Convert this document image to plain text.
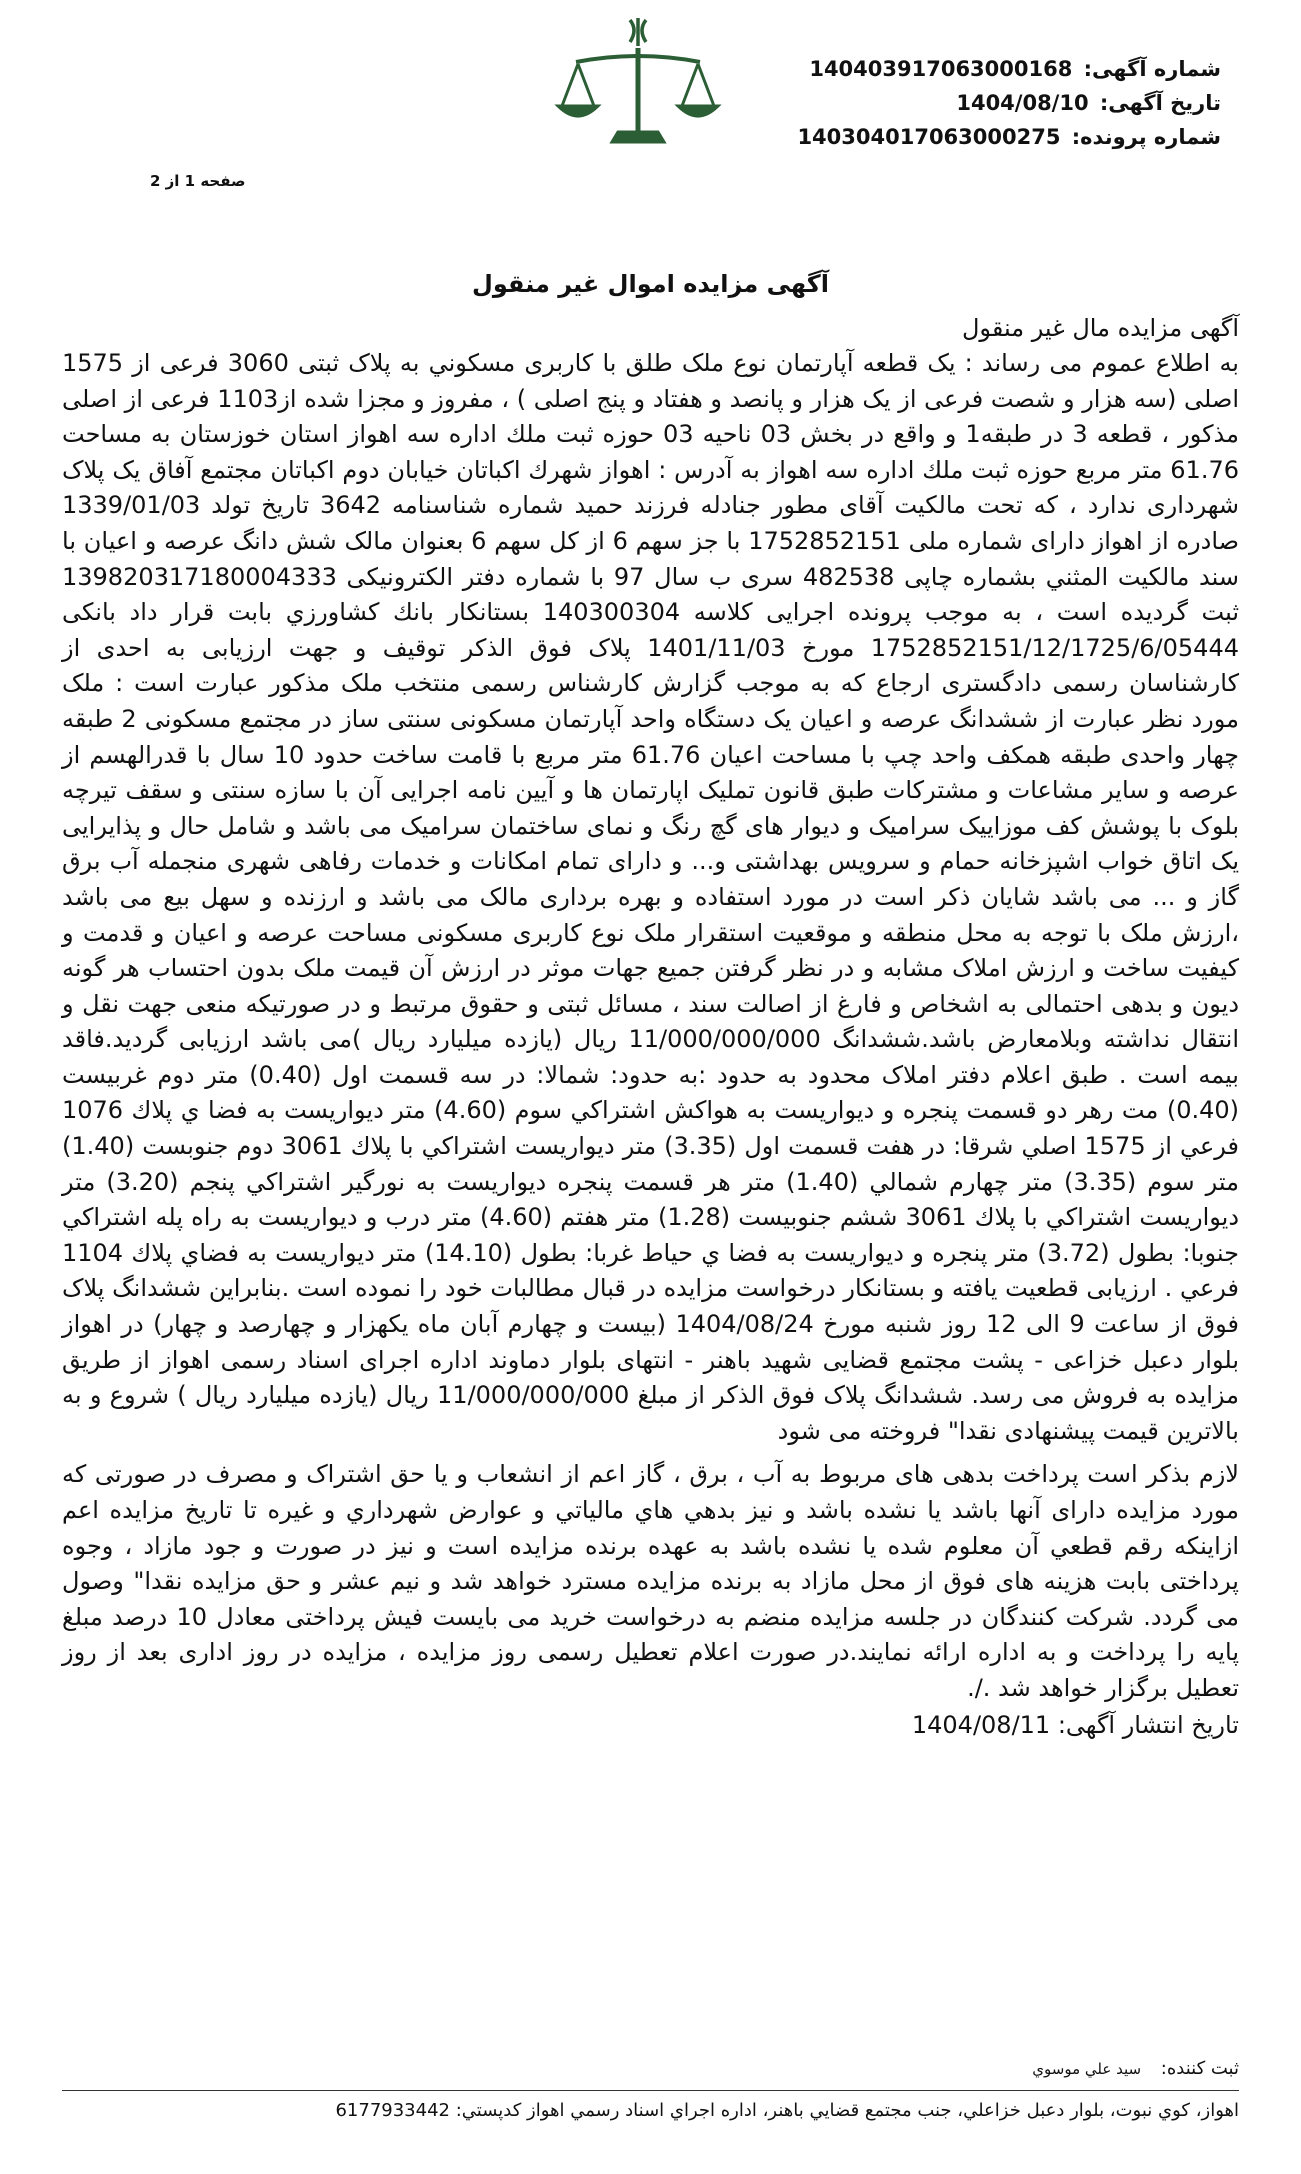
شماره آگهی: 140403917063000168
تاریخ آگهی: 1404/08/10
شماره پرونده: 140304017063000275
صفحه 1 از 2
آگهی مزایده اموال غیر منقول
آگهی مزایده مال غیر منقول

به اطلاع عموم می رساند : یک قطعه آپارتمان نوع ملک طلق با کاربری مسکوني به پلاک ثبتی 3060 فرعی از 1575 اصلی (سه هزار و شصت فرعی از یک هزار و پانصد و هفتاد و پنج اصلی ) ، مفروز و مجزا شده از1103 فرعی از اصلی مذکور ، قطعه 3 در طبقه1 و واقع در بخش 03 ناحیه 03 حوزه ثبت ملك اداره سه اهواز استان خوزستان به مساحت 61.76 متر مربع حوزه ثبت ملك اداره سه اهواز به آدرس : اهواز شهرك اكباتان خيابان دوم اكباتان مجتمع آفاق یک پلاک شهرداری ندارد ، که تحت مالکیت آقای مطور جنادله فرزند حمید شماره شناسنامه 3642 تاریخ تولد 1339/01/03 صادره از اهواز دارای شماره ملی 1752852151 با جز سهم 6 از کل سهم 6 بعنوان مالک شش دانگ عرصه و اعیان با سند مالکیت المثني بشماره چاپی 482538 سری ب سال 97 با شماره دفتر الکترونیکی 139820317180004333 ثبت گردیده است ، به موجب پرونده اجرایی کلاسه 140300304 بستانکار بانك كشاورزي بابت قرار داد بانکی 1752852151/12/1725/6/05444 مورخ 1401/11/03 پلاک فوق الذکر توقیف و جهت ارزیابی به احدی از کارشناسان رسمی دادگستری ارجاع که به موجب گزارش کارشناس رسمی منتخب ملک مذکور عبارت است : ملک مورد نظر عبارت از ششدانگ عرصه و اعیان یک دستگاه واحد آپارتمان مسکونی سنتی ساز در مجتمع مسکونی 2 طبقه چهار واحدی طبقه همکف واحد چپ با مساحت اعیان 61.76 متر مربع با قامت ساخت حدود 10 سال با قدرالهسم از عرصه و سایر مشاعات و مشترکات طبق قانون تملیک اپارتمان ها و آیین نامه اجرایی آن با سازه سنتی و سقف تیرچه بلوک با پوشش کف موزاییک سرامیک و دیوار های گچ رنگ و نمای ساختمان سرامیک می باشد و شامل حال و پذایرایی یک اتاق خواب اشپزخانه حمام و سرویس بهداشتی و... و دارای تمام امکانات و خدمات رفاهی شهری منجمله آب برق گاز و ... می باشد شایان ذکر است در مورد استفاده و بهره برداری مالک می باشد و ارزنده و سهل بیع می باشد ،ارزش ملک با توجه به محل منطقه و موقعیت استقرار ملک نوع کاربری مسکونی مساحت عرصه و اعیان و قدمت و کیفیت ساخت و ارزش املاک مشابه و در نظر گرفتن جمیع جهات موثر در ارزش آن قیمت ملک بدون احتساب هر گونه دیون و بدهی احتمالی به اشخاص و فارغ از اصالت سند ، مسائل ثبتی و حقوق مرتبط و در صورتیکه منعی جهت نقل و انتقال نداشته وبلامعارض باشد.ششدانگ 11/000/000/000 ریال (یازده میلیارد ریال )می باشد ارزیابی گردید.فاقد بیمه است . طبق اعلام دفتر املاک محدود به حدود :به حدود: شمالا: در سه قسمت اول (0.40) متر دوم غربیست (0.40) مت رهر دو قسمت پنجره و دیواریست به هواكش اشتراكي سوم (4.60) متر ديواريست به فضا ي پلاك 1076 فرعي از 1575 اصلي شرقا: در هفت قسمت اول (3.35) متر ديواريست اشتراكي با پلاك 3061 دوم جنوبست (1.40) متر سوم (3.35) متر چهارم شمالي (1.40) متر هر قسمت پنجره ديواريست به نورگير اشتراكي پنجم (3.20) متر ديواريست اشتراكي با پلاك 3061 ششم جنوبيست (1.28) متر هفتم (4.60) متر درب و ديواريست به راه پله اشتراكي جنوبا: بطول (3.72) متر پنجره و ديواريست به فضا ي حياط غربا: بطول (14.10) متر ديواريست به فضاي پلاك 1104 فرعي . ارزیابی قطعیت یافته و بستانکار درخواست مزایده در قبال مطالبات خود را نموده است .بنابراین ششدانگ پلاک فوق از ساعت 9 الی 12 روز شنبه مورخ 1404/08/24 (بیست و چهارم آبان ماه یکهزار و چهارصد و چهار) در اهواز بلوار دعبل خزاعی - پشت مجتمع قضایی شهید باهنر - انتهای بلوار دماوند اداره اجرای اسناد رسمی اهواز از طریق مزایده به فروش می رسد. ششدانگ پلاک فوق الذکر از مبلغ 11/000/000/000 ریال (یازده میلیارد ریال ) شروع و به بالاترین قیمت پیشنهادی نقدا" فروخته می شود

لازم بذکر است پرداخت بدهی های مربوط به آب ، برق ، گاز اعم از انشعاب و یا حق اشتراک و مصرف در صورتی که مورد مزایده دارای آنها باشد یا نشده باشد و نیز بدهي هاي مالياتي و عوارض شهرداري و غیره تا تاریخ مزایده اعم ازاینکه رقم قطعي آن معلوم شده یا نشده باشد به عهده برنده مزایده است و نیز در صورت و جود مازاد ، وجوه پرداختی بابت هزینه های فوق از محل مازاد به برنده مزایده مسترد خواهد شد و نیم عشر و حق مزایده نقدا" وصول می گردد. شرکت کنندگان در جلسه مزایده منضم به درخواست خرید می بایست فیش پرداختی معادل 10 درصد مبلغ پایه را پرداخت و به اداره ارائه نمایند.در صورت اعلام تعطیل رسمی روز مزایده ، مزایده در روز اداری بعد از روز تعطیل برگزار خواهد شد ./.

تاریخ انتشار آگهی: 1404/08/11
ثبت کننده: سيد علي موسوي
اهواز، كوي نبوت، بلوار دعبل خزاعلي، جنب مجتمع قضايي باهنر، اداره اجراي اسناد رسمي اهواز كدپستي: 6177933442
